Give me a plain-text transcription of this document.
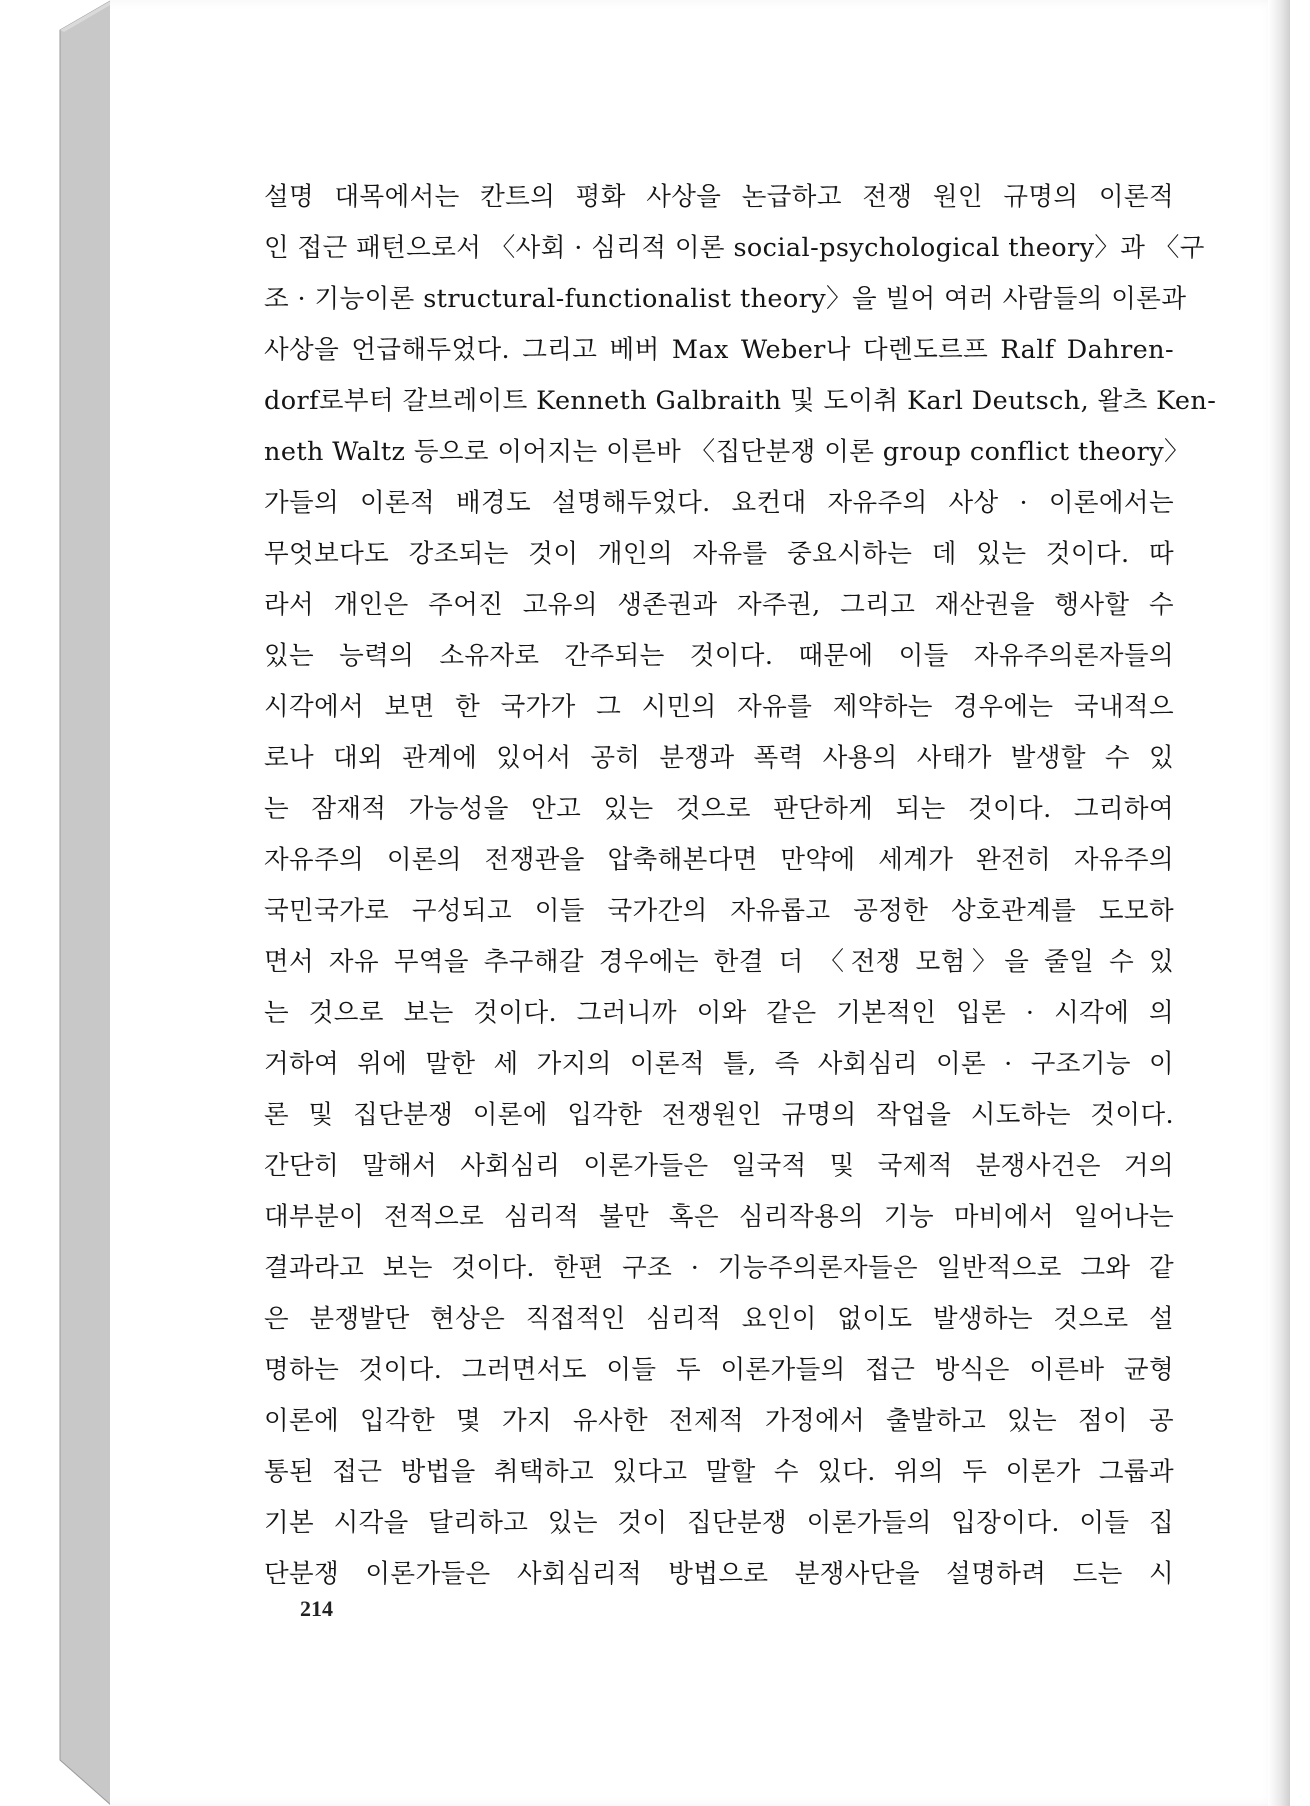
설명 대목에서는 칸트의 평화 사상을 논급하고 전쟁 원인 규명의 이론적
인 접근 패턴으로서 〈사회 · 심리적 이론 social-psychological theory〉과 〈구
조 · 기능이론 structural-functionalist theory〉을 빌어 여러 사람들의 이론과
사상을 언급해두었다. 그리고 베버 Max Weber나 다렌도르프 Ralf Dahren-
dorf로부터 갈브레이트 Kenneth Galbraith 및 도이취 Karl Deutsch, 왈츠 Ken-
neth Waltz 등으로 이어지는 이른바 〈집단분쟁 이론 group conflict theory〉
가들의 이론적 배경도 설명해두었다. 요컨대 자유주의 사상 · 이론에서는
무엇보다도 강조되는 것이 개인의 자유를 중요시하는 데 있는 것이다. 따
라서 개인은 주어진 고유의 생존권과 자주권, 그리고 재산권을 행사할 수
있는 능력의 소유자로 간주되는 것이다. 때문에 이들 자유주의론자들의
시각에서 보면 한 국가가 그 시민의 자유를 제약하는 경우에는 국내적으
로나 대외 관계에 있어서 공히 분쟁과 폭력 사용의 사태가 발생할 수 있
는 잠재적 가능성을 안고 있는 것으로 판단하게 되는 것이다. 그리하여
자유주의 이론의 전쟁관을 압축해본다면 만약에 세계가 완전히 자유주의
국민국가로 구성되고 이들 국가간의 자유롭고 공정한 상호관계를 도모하
면서 자유 무역을 추구해갈 경우에는 한결 더 〈전쟁 모험〉을 줄일 수 있
는 것으로 보는 것이다. 그러니까 이와 같은 기본적인 입론 · 시각에 의
거하여 위에 말한 세 가지의 이론적 틀, 즉 사회심리 이론 · 구조기능 이
론 및 집단분쟁 이론에 입각한 전쟁원인 규명의 작업을 시도하는 것이다.
간단히 말해서 사회심리 이론가들은 일국적 및 국제적 분쟁사건은 거의
대부분이 전적으로 심리적 불만 혹은 심리작용의 기능 마비에서 일어나는
결과라고 보는 것이다. 한편 구조 · 기능주의론자들은 일반적으로 그와 같
은 분쟁발단 현상은 직접적인 심리적 요인이 없이도 발생하는 것으로 설
명하는 것이다. 그러면서도 이들 두 이론가들의 접근 방식은 이른바 균형
이론에 입각한 몇 가지 유사한 전제적 가정에서 출발하고 있는 점이 공
통된 접근 방법을 취택하고 있다고 말할 수 있다. 위의 두 이론가 그룹과
기본 시각을 달리하고 있는 것이 집단분쟁 이론가들의 입장이다. 이들 집
단분쟁 이론가들은 사회심리적 방법으로 분쟁사단을 설명하려 드는 시
214
